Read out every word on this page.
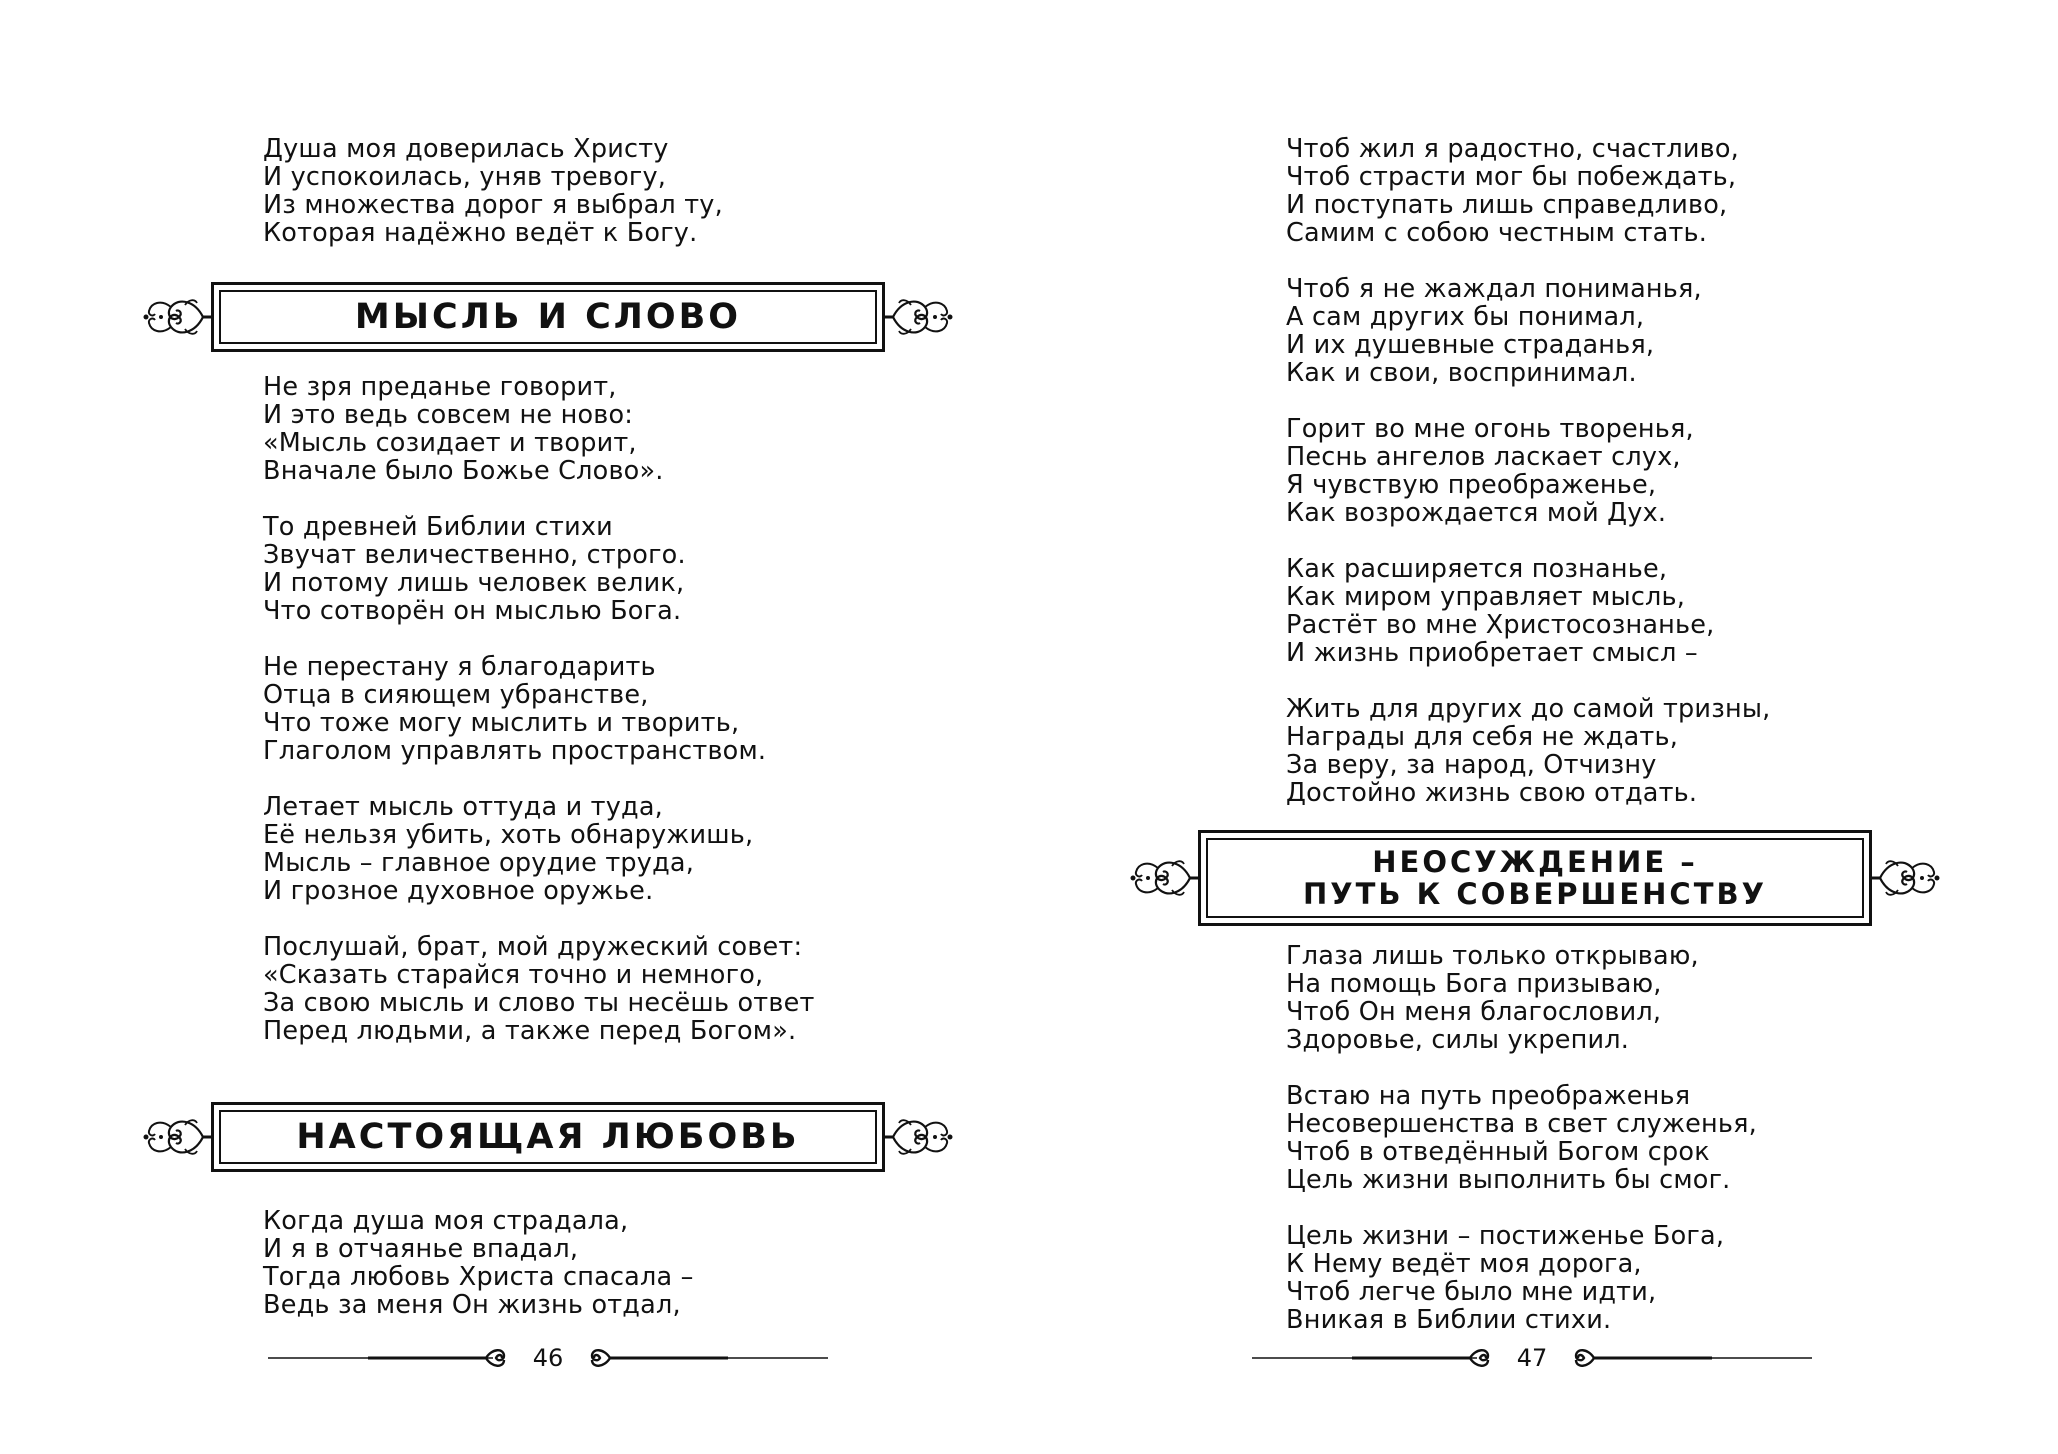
Душа моя доверилась Христу
И успокоилась, уняв тревогу,
Из множества дорог я выбрал ту,
Которая надёжно ведёт к Богу.
МЫСЛЬ И СЛОВО
Не зря преданье говорит,
И это ведь совсем не ново:
«Мысль созидает и творит,
Вначале было Божье Слово».

То древней Библии стихи
Звучат величественно, строго.
И потому лишь человек велик,
Что сотворён он мыслью Бога.

Не перестану я благодарить
Отца в сияющем убранстве,
Что тоже могу мыслить и творить,
Глаголом управлять пространством.

Летает мысль оттуда и туда,
Её нельзя убить, хоть обнаружишь,
Мысль – главное орудие труда,
И грозное духовное оружье.

Послушай, брат, мой дружеский совет:
«Сказать старайся точно и немного,
За свою мысль и слово ты несёшь ответ
Перед людьми, а также перед Богом».
НАСТОЯЩАЯ ЛЮБОВЬ
Когда душа моя страдала,
И я в отчаянье впадал,
Тогда любовь Христа спасала –
Ведь за меня Он жизнь отдал,
46
Чтоб жил я радостно, счастливо,
Чтоб страсти мог бы побеждать,
И поступать лишь справедливо,
Самим с собою честным стать.

Чтоб я не жаждал пониманья,
А сам других бы понимал,
И их душевные страданья,
Как и свои, воспринимал.

Горит во мне огонь творенья,
Песнь ангелов ласкает слух,
Я чувствую преображенье,
Как возрождается мой Дух.

Как расширяется познанье,
Как миром управляет мысль,
Растёт во мне Христосознанье,
И жизнь приобретает смысл –

Жить для других до самой тризны,
Награды для себя не ждать,
За веру, за народ, Отчизну
Достойно жизнь свою отдать.
НЕОСУЖДЕНИЕ –
ПУТЬ К СОВЕРШЕНСТВУ
Глаза лишь только открываю,
На помощь Бога призываю,
Чтоб Он меня благословил,
Здоровье, силы укрепил.

Встаю на путь преображенья
Несовершенства в свет служенья,
Чтоб в отведённый Богом срок
Цель жизни выполнить бы смог.

Цель жизни – постиженье Бога,
К Нему ведёт моя дорога,
Чтоб легче было мне идти,
Вникая в Библии стихи.
47
